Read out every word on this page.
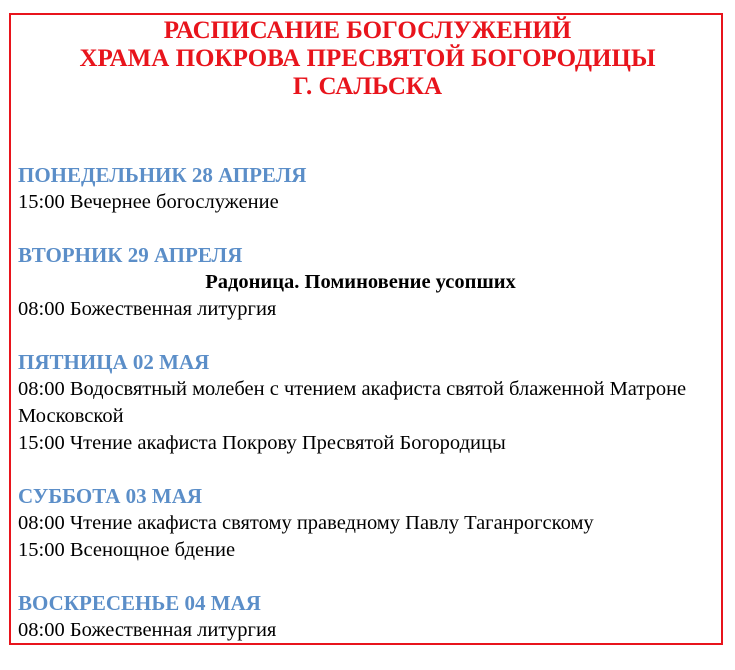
РАСПИСАНИЕ БОГОСЛУЖЕНИЙ
ХРАМА ПОКРОВА ПРЕСВЯТОЙ БОГОРОДИЦЫ
Г. САЛЬСКА
ПОНЕДЕЛЬНИК 28 АПРЕЛЯ
15:00 Вечернее богослужение
ВТОРНИК 29 АПРЕЛЯ
Радоница. Поминовение усопших
08:00 Божественная литургия
ПЯТНИЦА 02 МАЯ
08:00 Водосвятный молебен с чтением акафиста святой блаженной Матроне Московской
15:00 Чтение акафиста Покрову Пресвятой Богородицы
СУББОТА 03 МАЯ
08:00 Чтение акафиста святому праведному Павлу Таганрогскому
15:00 Всенощное бдение
ВОСКРЕСЕНЬЕ 04 МАЯ
08:00 Божественная литургия
